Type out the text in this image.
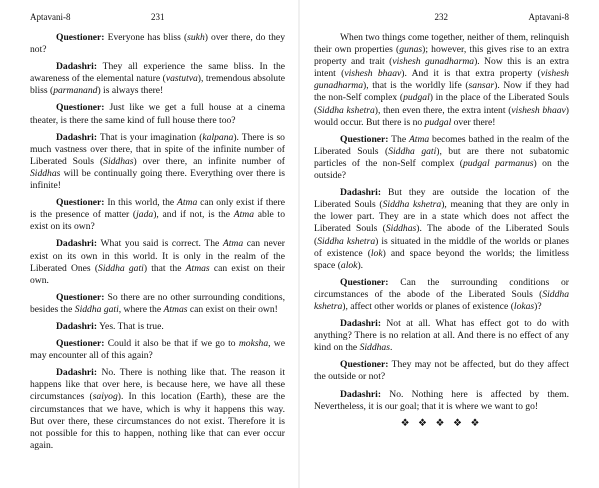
Aptavani-8	231

Questioner: Everyone has bliss (sukh) over there, do they not?

Dadashri: They all experience the same bliss. In the awareness of the elemental nature (vastutva), tremendous absolute bliss (parmanand) is always there!

Questioner: Just like we get a full house at a cinema theater, is there the same kind of full house there too?

Dadashri: That is your imagination (kalpana). There is so much vastness over there, that in spite of the infinite number of Liberated Souls (Siddhas) over there, an infinite number of Siddhas will be continually going there. Everything over there is infinite!

Questioner: In this world, the Atma can only exist if there is the presence of matter (jada), and if not, is the Atma able to exist on its own?

Dadashri: What you said is correct. The Atma can never exist on its own in this world. It is only in the realm of the Liberated Ones (Siddha gati) that the Atmas can exist on their own.

Questioner: So there are no other surrounding conditions, besides the Siddha gati, where the Atmas can exist on their own!

Dadashri: Yes. That is true.

Questioner: Could it also be that if we go to moksha, we may encounter all of this again?

Dadashri: No. There is nothing like that. The reason it happens like that over here, is because here, we have all these circumstances (saiyog). In this location (Earth), these are the circumstances that we have, which is why it happens this way. But over there, these circumstances do not exist. Therefore it is not possible for this to happen, nothing like that can ever occur again.

232	Aptavani-8

When two things come together, neither of them, relinquish their own properties (gunas); however, this gives rise to an extra property and trait (vishesh gunadharma). Now this is an extra intent (vishesh bhaav). And it is that extra property (vishesh gunadharma), that is the worldly life (sansar). Now if they had the non-Self complex (pudgal) in the place of the Liberated Souls (Siddha kshetra), then even there, the extra intent (vishesh bhaav) would occur. But there is no pudgal over there!

Questioner: The Atma becomes bathed in the realm of the Liberated Souls (Siddha gati), but are there not subatomic particles of the non-Self complex (pudgal parmanus) on the outside?

Dadashri: But they are outside the location of the Liberated Souls (Siddha kshetra), meaning that they are only in the lower part. They are in a state which does not affect the Liberated Souls (Siddhas). The abode of the Liberated Souls (Siddha kshetra) is situated in the middle of the worlds or planes of existence (lok) and space beyond the worlds; the limitless space (alok).

Questioner: Can the surrounding conditions or circumstances of the abode of the Liberated Souls (Siddha kshetra), affect other worlds or planes of existence (lokas)?

Dadashri: Not at all. What has effect got to do with anything? There is no relation at all. And there is no effect of any kind on the Siddhas.

Questioner: They may not be affected, but do they affect the outside or not?

Dadashri: No. Nothing here is affected by them. Nevertheless, it is our goal; that it is where we want to go!

❖ ❖ ❖ ❖ ❖
